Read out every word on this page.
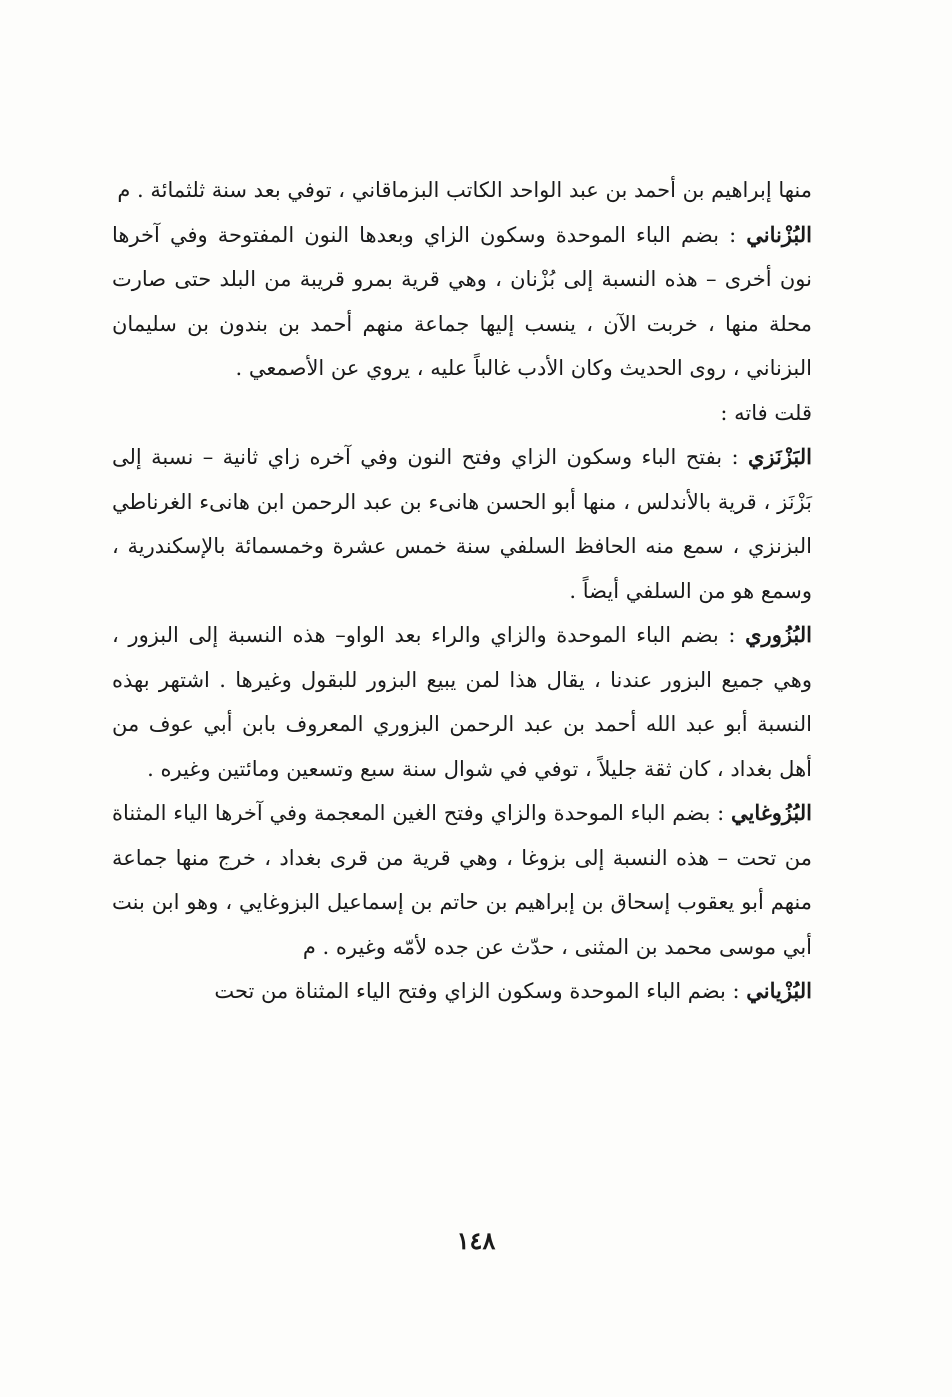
منها إبراهيم بن أحمد بن عبد الواحد الكاتب البزماقاني ، توفي بعد سنة ثلثمائة . م

البُزْناني : بضم الباء الموحدة وسكون الزاي وبعدها النون المفتوحة وفي آخرها نون أخرى – هذه النسبة إلى بُزْنان ، وهي قرية بمرو قريبة من البلد حتى صارت محلة منها ، خربت الآن ، ينسب إليها جماعة منهم أحمد بن بندون بن سليمان البزناني ، روى الحديث وكان الأدب غالباً عليه ، يروي عن الأصمعي .

قلت فاته :

البَزْنَزي : بفتح الباء وسكون الزاي وفتح النون وفي آخره زاي ثانية – نسبة إلى بَزْنَز ، قرية بالأندلس ، منها أبو الحسن هانىء بن عبد الرحمن ابن هانىء الغرناطي البزنزي ، سمع منه الحافظ السلفي سنة خمس عشرة وخمسمائة بالإسكندرية ، وسمع هو من السلفي أيضاً .

البُزُوري : بضم الباء الموحدة والزاي والراء بعد الواو– هذه النسبة إلى البزور ، وهي جميع البزور عندنا ، يقال هذا لمن يبيع البزور للبقول وغيرها . اشتهر بهذه النسبة أبو عبد الله أحمد بن عبد الرحمن البزوري المعروف بابن أبي عوف من أهل بغداد ، كان ثقة جليلاً ، توفي في شوال سنة سبع وتسعين ومائتين وغيره .

البُزُوغايي : بضم الباء الموحدة والزاي وفتح الغين المعجمة وفي آخرها الياء المثناة من تحت – هذه النسبة إلى بزوغا ، وهي قرية من قرى بغداد ، خرج منها جماعة منهم أبو يعقوب إسحاق بن إبراهيم بن حاتم بن إسماعيل البزوغايي ، وهو ابن بنت أبي موسى محمد بن المثنى ، حدّث عن جده لأمّه وغيره . م

البُزْياني : بضم الباء الموحدة وسكون الزاي وفتح الياء المثناة من تحت

١٤٨
